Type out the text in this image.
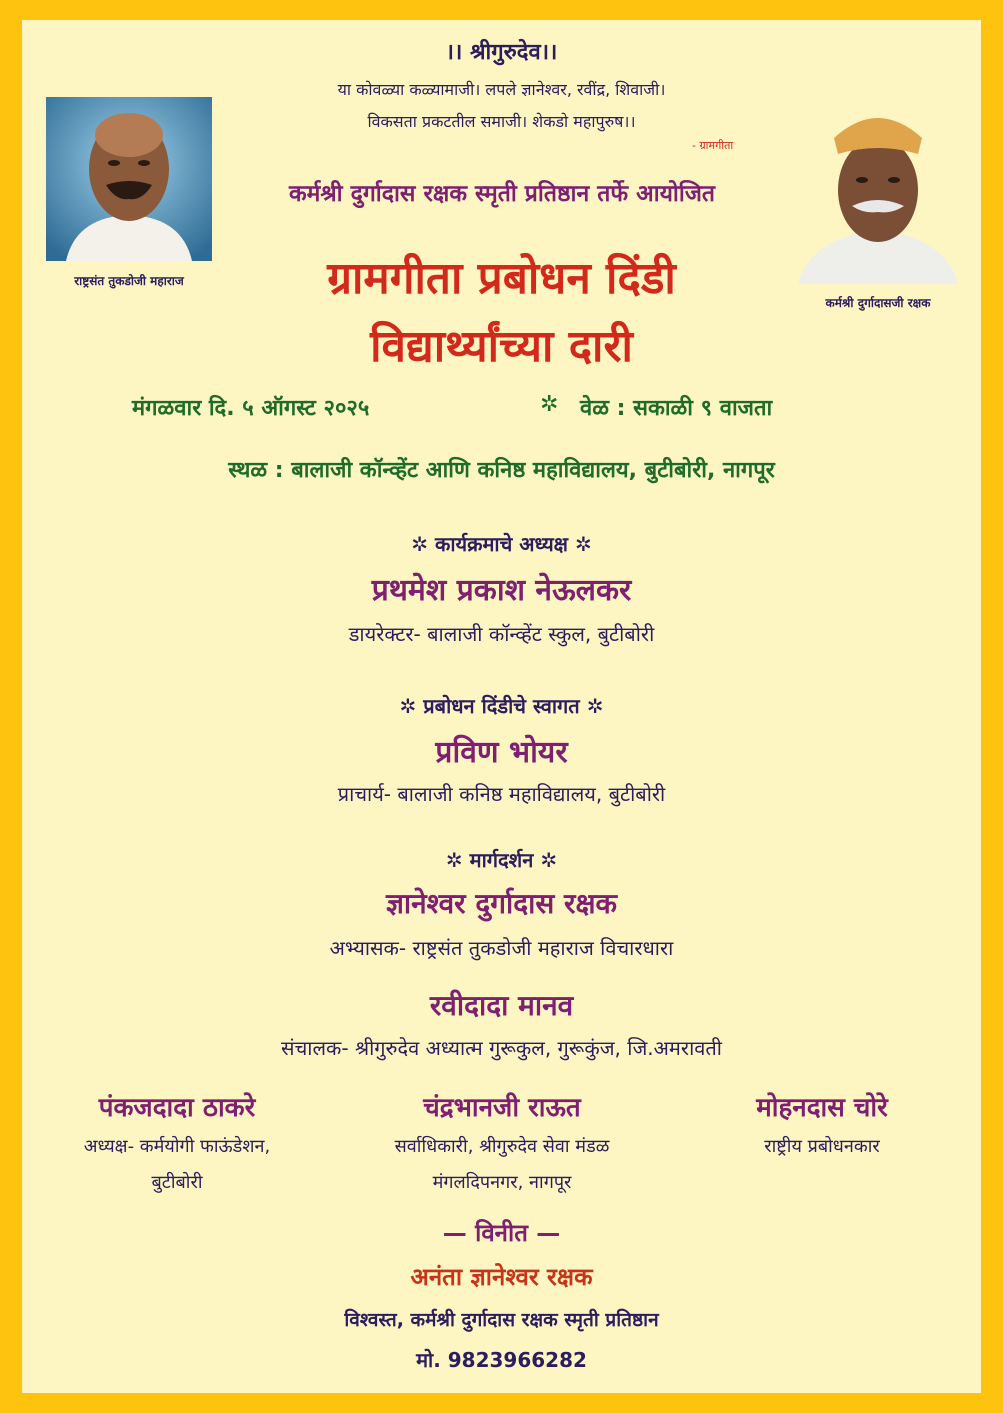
।। श्रीगुरुदेव।।
या कोवळ्या कळ्यामाजी। लपले ज्ञानेश्वर, रवींद्र, शिवाजी।
विकसता प्रकटतील समाजी। शेकडो महापुरुष।।
- ग्रामगीता
राष्ट्रसंत तुकडोजी महाराज
कर्मश्री दुर्गादासजी रक्षक
कर्मश्री दुर्गादास रक्षक स्मृती प्रतिष्ठान तर्फे आयोजित
ग्रामगीता प्रबोधन दिंडी
विद्यार्थ्यांच्या दारी
मंगळवार दि. ५ ऑगस्ट २०२५	✲ वेळ : सकाळी ९ वाजता
स्थळ : बालाजी कॉन्व्हेंट आणि कनिष्ठ महाविद्यालय, बुटीबोरी, नागपूर
✲ कार्यक्रमाचे अध्यक्ष ✲
प्रथमेश प्रकाश नेऊलकर
डायरेक्टर- बालाजी कॉन्व्हेंट स्कुल, बुटीबोरी
✲ प्रबोधन दिंडीचे स्वागत ✲
प्रविण भोयर
प्राचार्य- बालाजी कनिष्ठ महाविद्यालय, बुटीबोरी
✲ मार्गदर्शन ✲
ज्ञानेश्वर दुर्गादास रक्षक
अभ्यासक- राष्ट्रसंत तुकडोजी महाराज विचारधारा
रवीदादा मानव
संचालक- श्रीगुरुदेव अध्यात्म गुरूकुल, गुरूकुंज, जि.अमरावती
पंकजदादा ठाकरे
अध्यक्ष- कर्मयोगी फाऊंडेशन,
बुटीबोरी
चंद्रभानजी राऊत
सर्वाधिकारी, श्रीगुरुदेव सेवा मंडळ
मंगलदिपनगर, नागपूर
मोहनदास चोरे
राष्ट्रीय प्रबोधनकार
— विनीत —
अनंता ज्ञानेश्वर रक्षक
विश्वस्त, कर्मश्री दुर्गादास रक्षक स्मृती प्रतिष्ठान
मो. 9823966282
